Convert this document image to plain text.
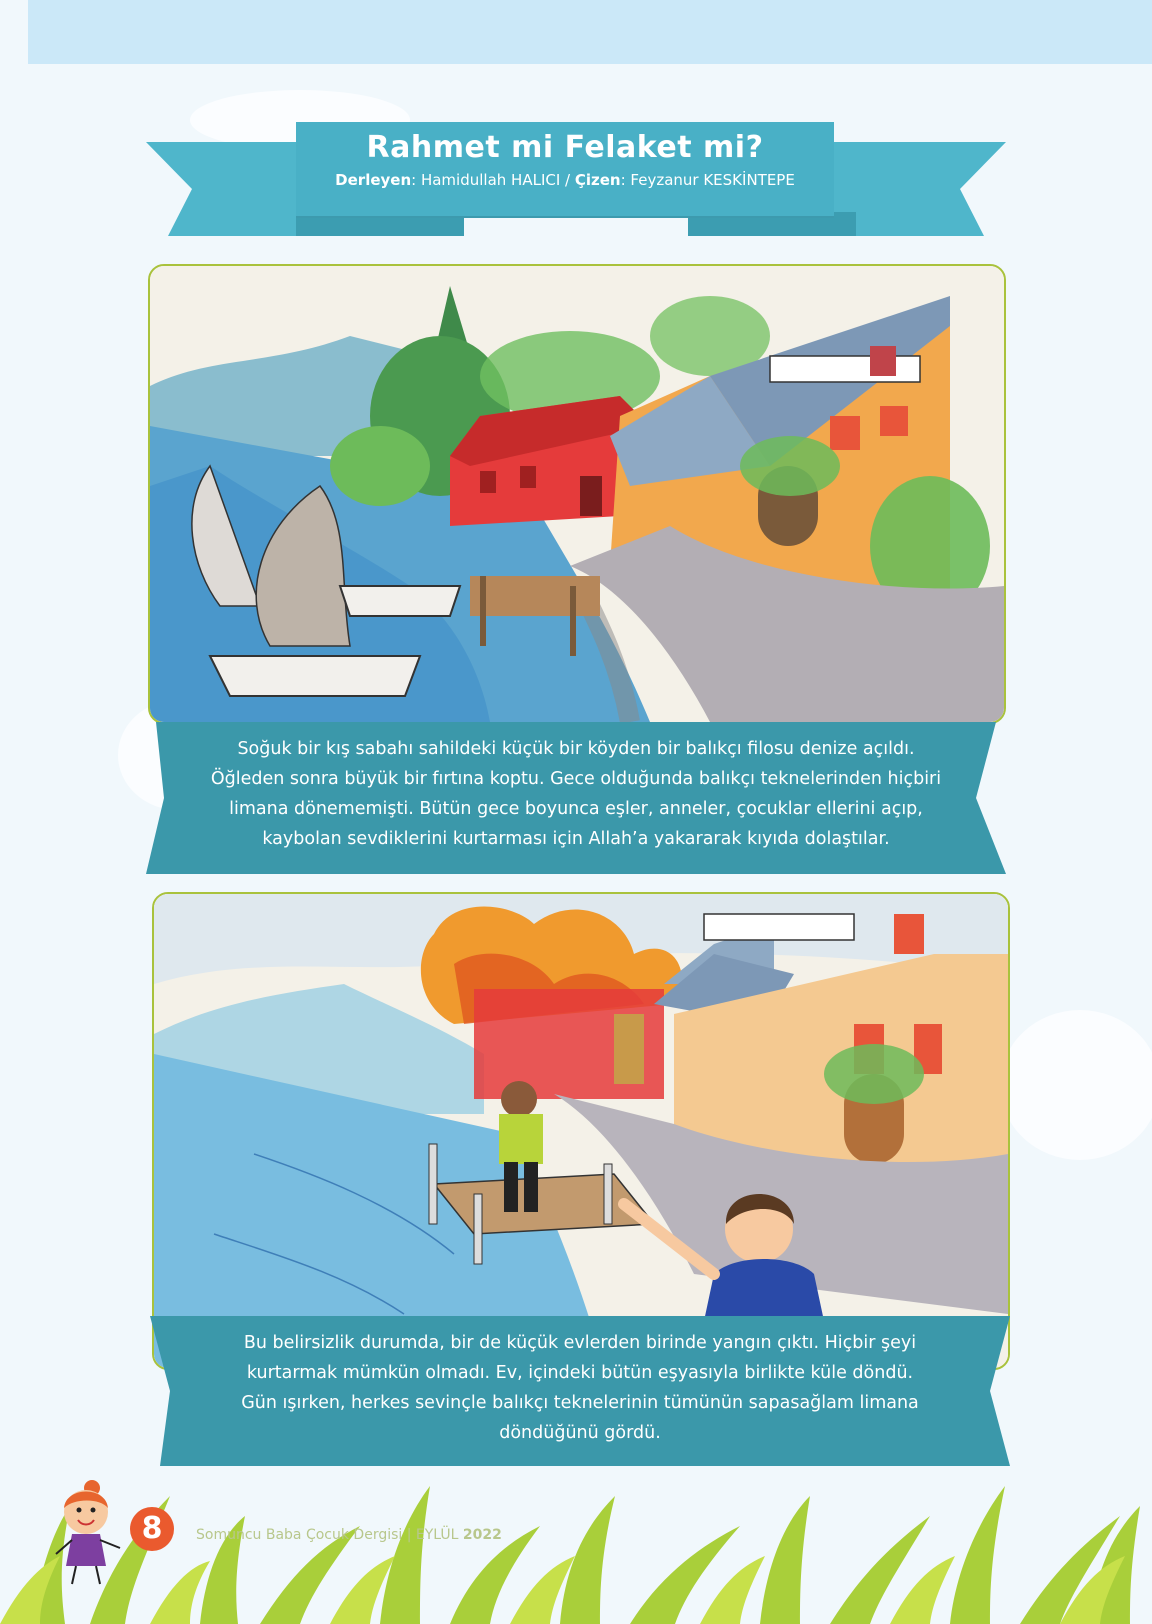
Rahmet mi Felaket mi?
Derleyen: Hamidullah HALICI / Çizen: Feyzanur KESKİNTEPE
Soğuk bir kış sabahı sahildeki küçük bir köyden bir balıkçı filosu denize açıldı.
Öğleden sonra büyük bir fırtına koptu. Gece olduğunda balıkçı teknelerinden hiçbiri
limana dönememişti. Bütün gece boyunca eşler, anneler, çocuklar ellerini açıp,
kaybolan sevdiklerini kurtarması için Allah’a yakararak kıyıda dolaştılar.
Bu belirsizlik durumda, bir de küçük evlerden birinde yangın çıktı. Hiçbir şeyi
kurtarmak mümkün olmadı. Ev, içindeki bütün eşyasıyla birlikte küle döndü.
Gün ışırken, herkes sevinçle balıkçı teknelerinin tümünün sapasağlam limana
döndüğünü gördü.
8	Somuncu Baba Çocuk Dergisi | EYLÜL 2022
